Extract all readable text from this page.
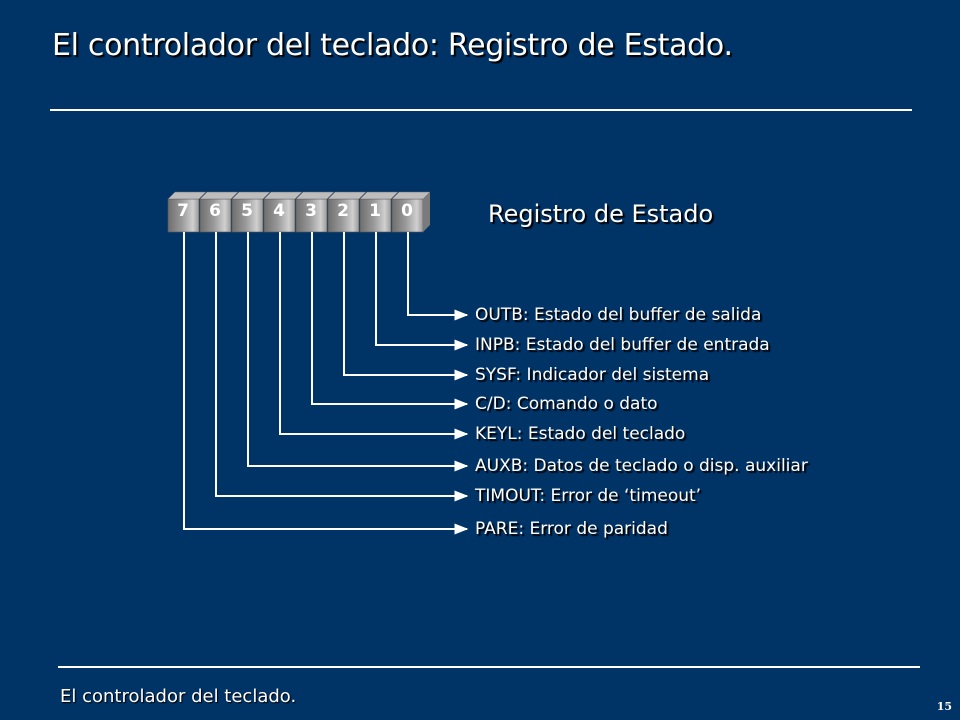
El controlador del teclado: Registro de Estado.
7 6 5 4 3 2 1 0	Registro de Estado
OUTB: Estado del buffer de salida
INPB: Estado del buffer de entrada
SYSF: Indicador del sistema
C/D: Comando o dato
KEYL: Estado del teclado
AUXB: Datos de teclado o disp. auxiliar
TIMOUT: Error de ‘timeout’
PARE: Error de paridad
El controlador del teclado.	15
